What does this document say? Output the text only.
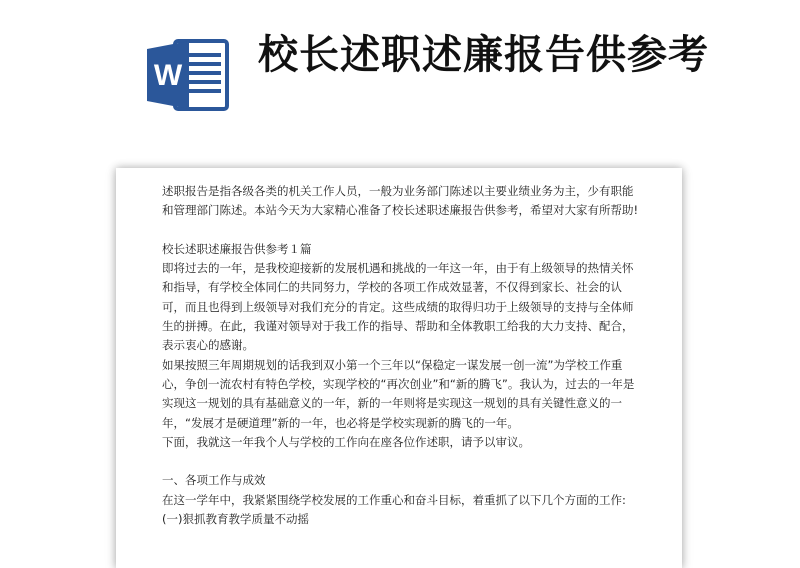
W 校长述职述廉报告供参考

述职报告是指各级各类的机关工作人员，一般为业务部门陈述以主要业绩业务为主，少有职能和管理部门陈述。本站今天为大家精心准备了校长述职述廉报告供参考，希望对大家有所帮助!

校长述职述廉报告供参考１篇

即将过去的一年，是我校迎接新的发展机遇和挑战的一年这一年，由于有上级领导的热情关怀和指导，有学校全体同仁的共同努力，学校的各项工作成效显著，不仅得到家长、社会的认可，而且也得到上级领导对我们充分的肯定。这些成绩的取得归功于上级领导的支持与全体师生的拼搏。在此，我谨对领导对于我工作的指导、帮助和全体教职工给我的大力支持、配合，表示衷心的感谢。

如果按照三年周期规划的话我到双小第一个三年以“保稳定一谋发展一创一流”为学校工作重心，争创一流农村有特色学校，实现学校的“再次创业”和“新的腾飞”。我认为，过去的一年是实现这一规划的具有基础意义的一年，新的一年则将是实现这一规划的具有关键性意义的一年，“发展才是硬道理”新的一年，也必将是学校实现新的腾飞的一年。

下面，我就这一年我个人与学校的工作向在座各位作述职，请予以审议。

一、各项工作与成效

在这一学年中，我紧紧围绕学校发展的工作重心和奋斗目标，着重抓了以下几个方面的工作:

(一)狠抓教育教学质量不动摇
